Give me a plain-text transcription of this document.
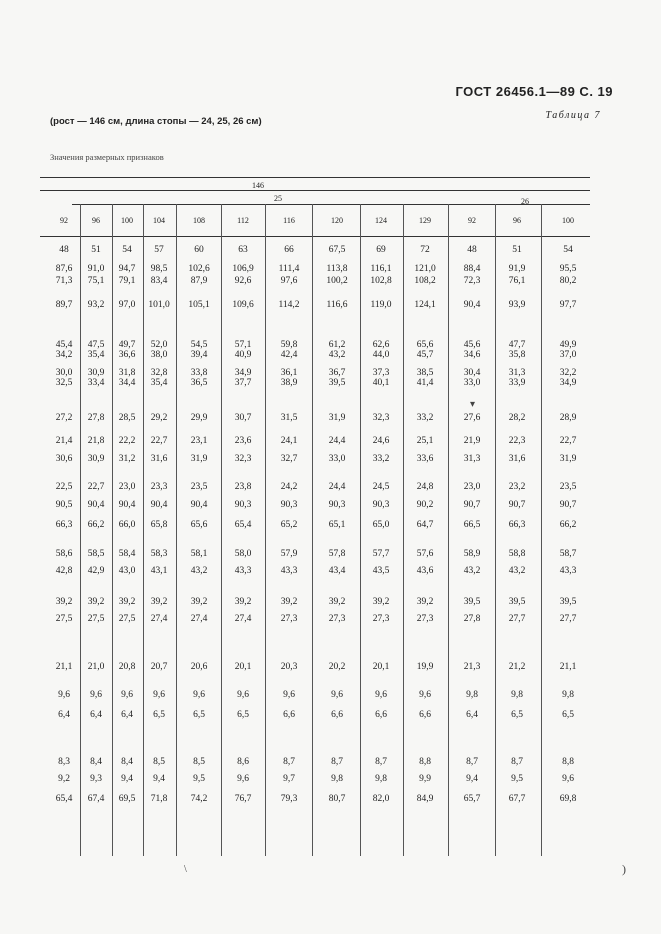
ГОСТ 26456.1—89 С. 19
(рост — 146 см, длина стопы — 24, 25, 26 см)
Таблица 7
Значения размерных признаков
146
25	26
92	96	100	104	108	112	116	120	124	129	92	96	100
48	51	54	57	60	63	66	67,5	69	72	48	51	54
87,6	91,0	94,7	98,5	102,6	106,9	111,4	113,8	116,1	121,0	88,4	91,9	95,5
71,3	75,1	79,1	83,4	87,9	92,6	97,6	100,2	102,8	108,2	72,3	76,1	80,2
89,7	93,2	97,0	101,0	105,1	109,6	114,2	116,6	119,0	124,1	90,4	93,9	97,7
45,4	47,5	49,7	52,0	54,5	57,1	59,8	61,2	62,6	65,6	45,6	47,7	49,9
34,2	35,4	36,6	38,0	39,4	40,9	42,4	43,2	44,0	45,7	34,6	35,8	37,0
30,0	30,9	31,8	32,8	33,8	34,9	36,1	36,7	37,3	38,5	30,4	31,3	32,2
32,5	33,4	34,4	35,4	36,5	37,7	38,9	39,5	40,1	41,4	33,0	33,9	34,9
27,2	27,8	28,5	29,2	29,9	30,7	31,5	31,9	32,3	33,2	27,6	28,2	28,9
21,4	21,8	22,2	22,7	23,1	23,6	24,1	24,4	24,6	25,1	21,9	22,3	22,7
30,6	30,9	31,2	31,6	31,9	32,3	32,7	33,0	33,2	33,6	31,3	31,6	31,9
22,5	22,7	23,0	23,3	23,5	23,8	24,2	24,4	24,5	24,8	23,0	23,2	23,5
90,5	90,4	90,4	90,4	90,4	90,3	90,3	90,3	90,3	90,2	90,7	90,7	90,7
66,3	66,2	66,0	65,8	65,6	65,4	65,2	65,1	65,0	64,7	66,5	66,3	66,2
58,6	58,5	58,4	58,3	58,1	58,0	57,9	57,8	57,7	57,6	58,9	58,8	58,7
42,8	42,9	43,0	43,1	43,2	43,3	43,3	43,4	43,5	43,6	43,2	43,2	43,3
39,2	39,2	39,2	39,2	39,2	39,2	39,2	39,2	39,2	39,2	39,5	39,5	39,5
27,5	27,5	27,5	27,4	27,4	27,4	27,3	27,3	27,3	27,3	27,8	27,7	27,7
21,1	21,0	20,8	20,7	20,6	20,1	20,3	20,2	20,1	19,9	21,3	21,2	21,1
9,6	9,6	9,6	9,6	9,6	9,6	9,6	9,6	9,6	9,6	9,8	9,8	9,8
6,4	6,4	6,4	6,5	6,5	6,5	6,6	6,6	6,6	6,6	6,4	6,5	6,5
8,3	8,4	8,4	8,5	8,5	8,6	8,7	8,7	8,7	8,8	8,7	8,7	8,8
9,2	9,3	9,4	9,4	9,5	9,6	9,7	9,8	9,8	9,9	9,4	9,5	9,6
65,4	67,4	69,5	71,8	74,2	76,7	79,3	80,7	82,0	84,9	65,7	67,7	69,8
▾
\	)
